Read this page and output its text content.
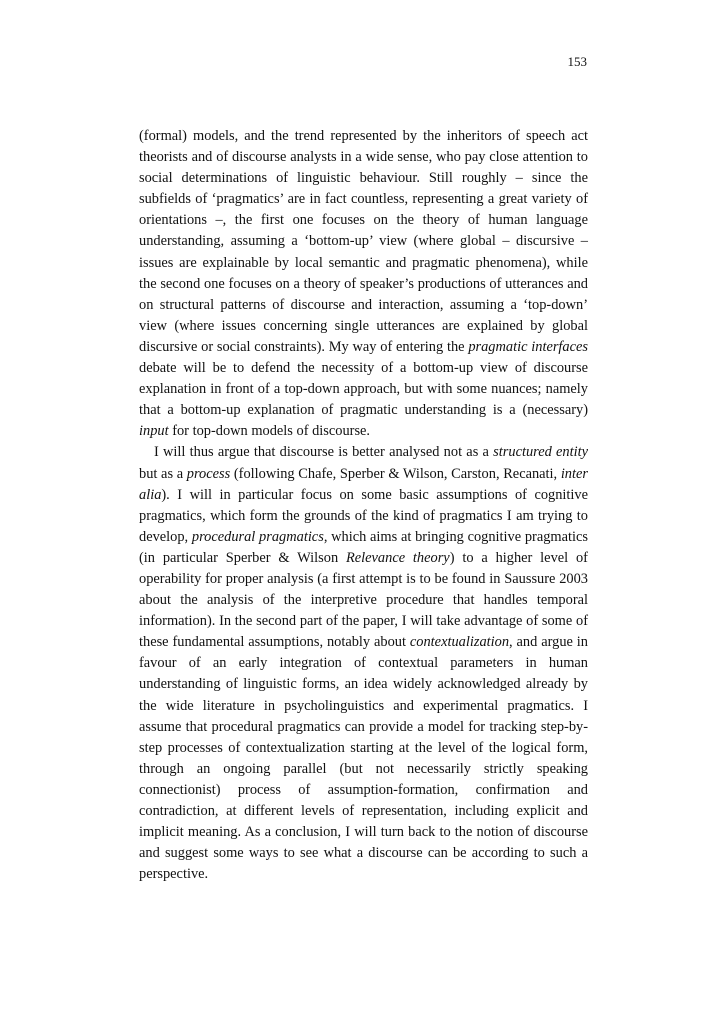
153

(formal) models, and the trend represented by the inheritors of speech act theorists and of discourse analysts in a wide sense, who pay close attention to social determinations of linguistic behaviour. Still roughly – since the subfields of ‘pragmatics’ are in fact countless, representing a great variety of orientations –, the first one focuses on the theory of human language understanding, assuming a ‘bottom-up’ view (where global – discursive – issues are explainable by local semantic and pragmatic phenomena), while the second one focuses on a theory of speaker’s productions of utterances and on structural patterns of discourse and interaction, assuming a ‘top-down’ view (where issues concerning single utterances are explained by global discursive or social constraints). My way of entering the pragmatic interfaces debate will be to defend the necessity of a bottom-up view of discourse explanation in front of a top-down approach, but with some nuances; namely that a bottom-up explanation of pragmatic understanding is a (necessary) input for top-down models of discourse.

I will thus argue that discourse is better analysed not as a structured entity but as a process (following Chafe, Sperber & Wilson, Carston, Recanati, inter alia). I will in particular focus on some basic assumptions of cognitive pragmatics, which form the grounds of the kind of pragmatics I am trying to develop, procedural pragmatics, which aims at bringing cognitive pragmatics (in particular Sperber & Wilson Relevance theory) to a higher level of operability for proper analysis (a first attempt is to be found in Saussure 2003 about the analysis of the interpretive procedure that handles temporal information). In the second part of the paper, I will take advantage of some of these fundamental assumptions, notably about contextualization, and argue in favour of an early integration of contextual parameters in human understanding of linguistic forms, an idea widely acknowledged already by the wide literature in psycholinguistics and experimental pragmatics. I assume that procedural pragmatics can provide a model for tracking step-by-step processes of contextualization starting at the level of the logical form, through an ongoing parallel (but not necessarily strictly speaking connectionist) process of assumption-formation, confirmation and contradiction, at different levels of representation, including explicit and implicit meaning. As a conclusion, I will turn back to the notion of discourse and suggest some ways to see what a discourse can be according to such a perspective.
